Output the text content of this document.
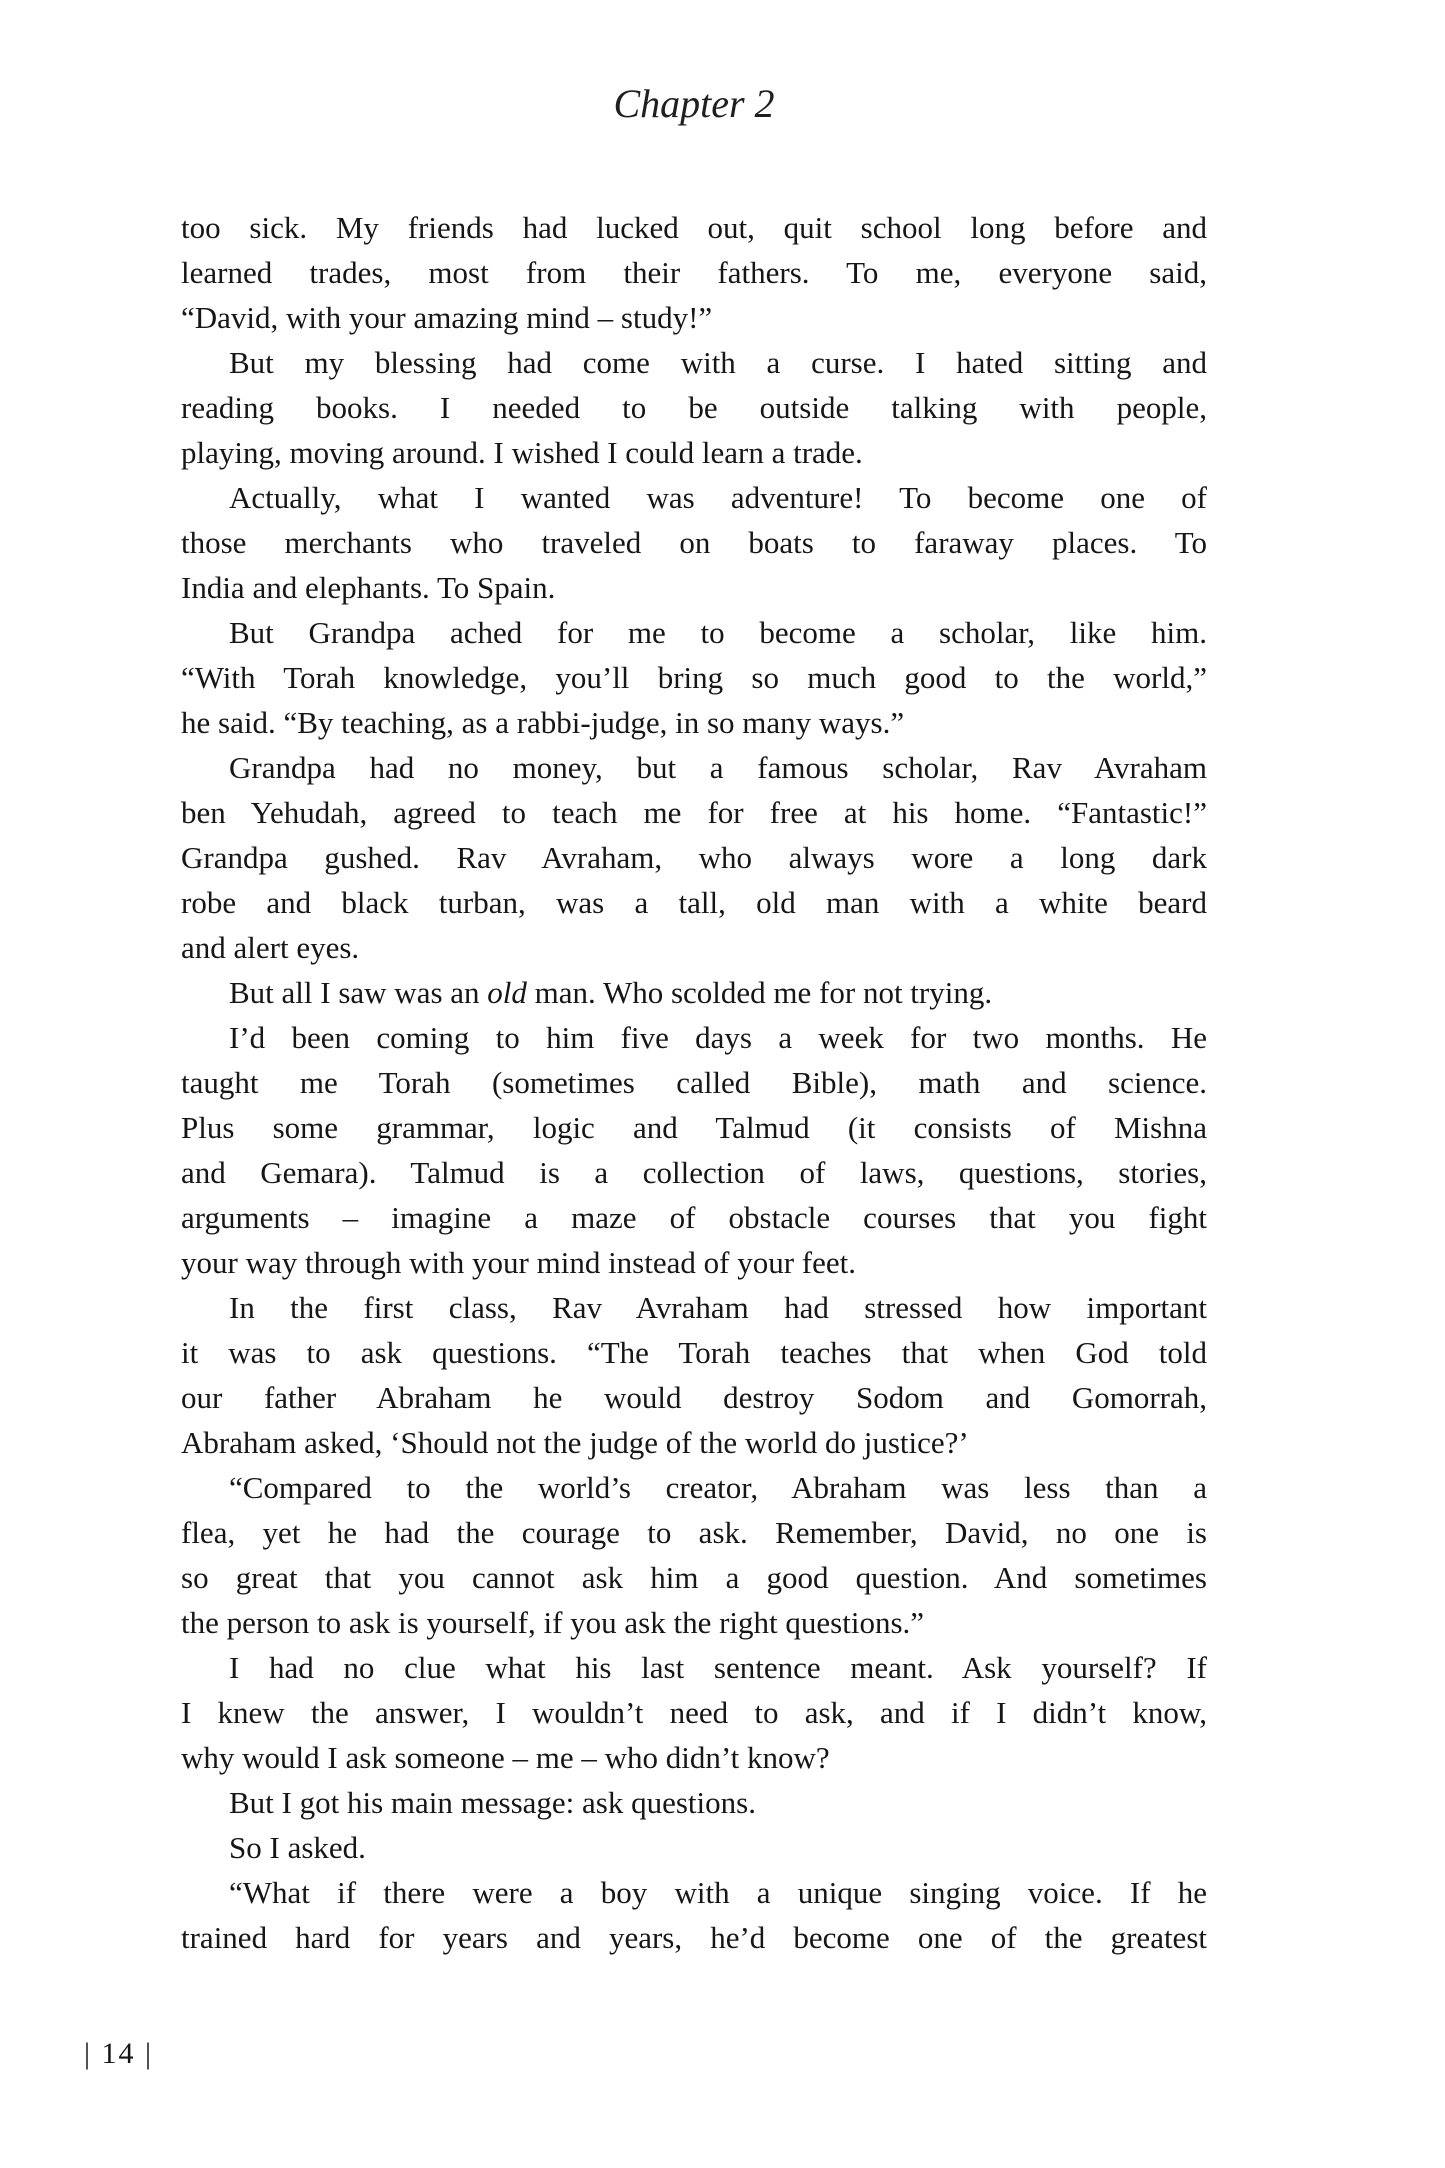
Chapter 2
too sick. My friends had lucked out, quit school long before and
learned trades, most from their fathers. To me, everyone said,
“David, with your amazing mind – study!”
But my blessing had come with a curse. I hated sitting and
reading books. I needed to be outside talking with people,
playing, moving around. I wished I could learn a trade.
Actually, what I wanted was adventure! To become one of
those merchants who traveled on boats to faraway places. To
India and elephants. To Spain.
But Grandpa ached for me to become a scholar, like him.
“With Torah knowledge, you’ll bring so much good to the world,”
he said. “By teaching, as a rabbi-judge, in so many ways.”
Grandpa had no money, but a famous scholar, Rav Avraham
ben Yehudah, agreed to teach me for free at his home. “Fantastic!”
Grandpa gushed. Rav Avraham, who always wore a long dark
robe and black turban, was a tall, old man with a white beard
and alert eyes.
But all I saw was an old man. Who scolded me for not trying.
I’d been coming to him five days a week for two months. He
taught me Torah (sometimes called Bible), math and science.
Plus some grammar, logic and Talmud (it consists of Mishna
and Gemara). Talmud is a collection of laws, questions, stories,
arguments – imagine a maze of obstacle courses that you fight
your way through with your mind instead of your feet.
In the first class, Rav Avraham had stressed how important
it was to ask questions. “The Torah teaches that when God told
our father Abraham he would destroy Sodom and Gomorrah,
Abraham asked, ‘Should not the judge of the world do justice?’
“Compared to the world’s creator, Abraham was less than a
flea, yet he had the courage to ask. Remember, David, no one is
so great that you cannot ask him a good question. And sometimes
the person to ask is yourself, if you ask the right questions.”
I had no clue what his last sentence meant. Ask yourself? If
I knew the answer, I wouldn’t need to ask, and if I didn’t know,
why would I ask someone – me – who didn’t know?
But I got his main message: ask questions.
So I asked.
“What if there were a boy with a unique singing voice. If he
trained hard for years and years, he’d become one of the greatest
| 14 |
